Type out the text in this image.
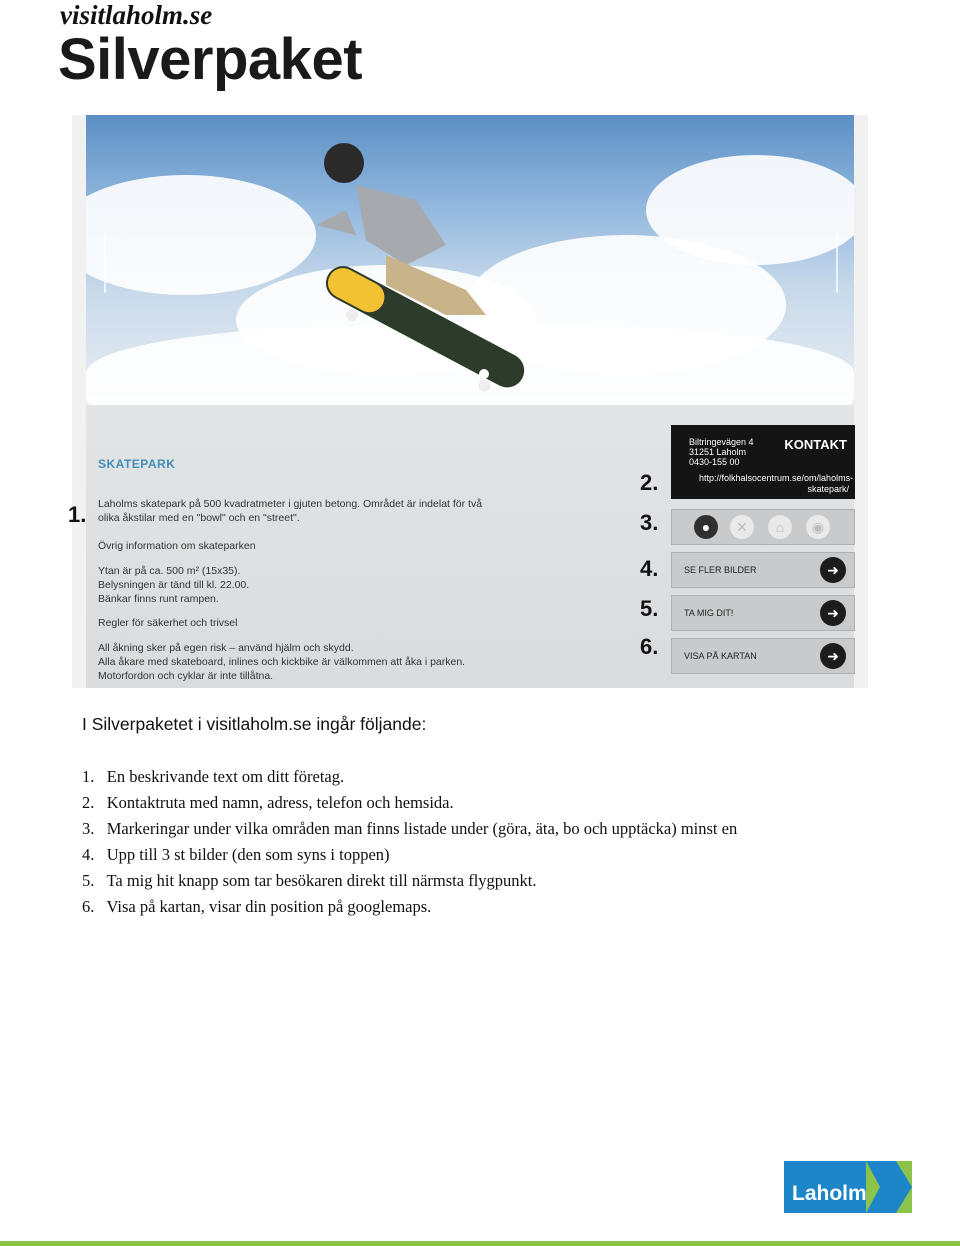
visitlaholm.se
Silverpaket
SKATEPARK
Laholms skatepark på 500 kvadratmeter i gjuten betong. Området är indelat för två olika åkstilar med en "bowl" och en "street".
Övrig information om skateparken
Ytan är på ca. 500 m² (15x35).
Belysningen är tänd till kl. 22.00.
Bänkar finns runt rampen.
Regler för säkerhet och trivsel
All åkning sker på egen risk – använd hjälm och skydd.
Alla åkare med skateboard, inlines och kickbike är välkommen att åka i parken.
Motorfordon och cyklar är inte tillåtna.
Biltringevägen 4
31251 Laholm
0430-155 00
KONTAKT
http://folkhalsocentrum.se/om/laholms-
skatepark/
●	✕	⌂	◉
SE FLER BILDER	➜
TA MIG DIT!	➜
VISA PÅ KARTAN	➜
1.
2.
3.
4.
5.
6.
I Silverpaketet i visitlaholm.se ingår följande:
1.   En beskrivande text om ditt företag.
2.   Kontaktruta med namn, adress, telefon och hemsida.
3.   Markeringar under vilka områden man finns listade under (göra, äta, bo och upptäcka) minst en
4.   Upp till 3 st bilder (den som syns i toppen)
5.   Ta mig hit knapp som tar besökaren direkt till närmsta flygpunkt.
6.   Visa på kartan, visar din position på googlemaps.
Laholm
